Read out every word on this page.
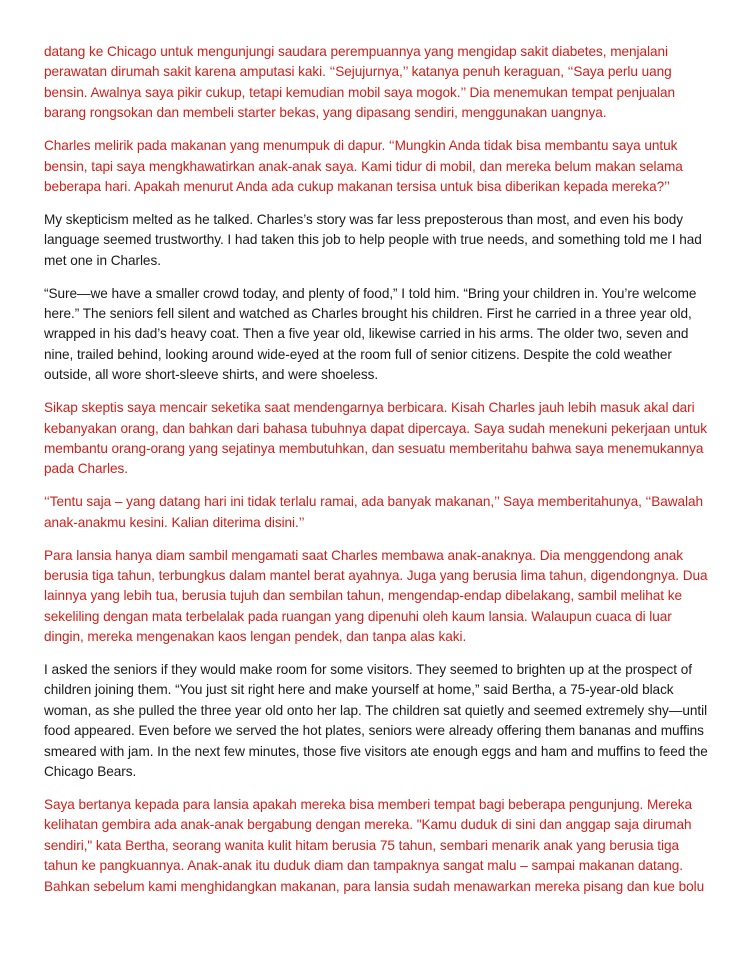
datang ke Chicago untuk mengunjungi saudara perempuannya yang mengidap sakit diabetes, menjalani perawatan dirumah sakit karena amputasi kaki. ‘‘Sejujurnya,’’ katanya penuh keraguan, ‘‘Saya perlu uang bensin. Awalnya saya pikir cukup, tetapi kemudian mobil saya mogok.’’ Dia menemukan tempat penjualan barang rongsokan dan membeli starter bekas, yang dipasang sendiri, menggunakan uangnya.

Charles melirik pada makanan yang menumpuk di dapur. ‘‘Mungkin Anda tidak bisa membantu saya untuk bensin, tapi saya mengkhawatirkan anak-anak saya. Kami tidur di mobil, dan mereka belum makan selama beberapa hari. Apakah menurut Anda ada cukup makanan tersisa untuk bisa diberikan kepada mereka?’’

My skepticism melted as he talked. Charles’s story was far less preposterous than most, and even his body language seemed trustworthy. I had taken this job to help people with true needs, and something told me I had met one in Charles.

“Sure—we have a smaller crowd today, and plenty of food,” I told him. “Bring your children in. You’re welcome here.” The seniors fell silent and watched as Charles brought his children. First he carried in a three year old, wrapped in his dad’s heavy coat. Then a five year old, likewise carried in his arms. The older two, seven and nine, trailed behind, looking around wide-eyed at the room full of senior citizens. Despite the cold weather outside, all wore short-sleeve shirts, and were shoeless.

Sikap skeptis saya mencair seketika saat mendengarnya berbicara. Kisah Charles jauh lebih masuk akal dari kebanyakan orang, dan bahkan dari bahasa tubuhnya dapat dipercaya. Saya sudah menekuni pekerjaan untuk membantu orang-orang yang sejatinya membutuhkan, dan sesuatu memberitahu bahwa saya menemukannya pada Charles.

‘‘Tentu saja – yang datang hari ini tidak terlalu ramai, ada banyak makanan,’’ Saya memberitahunya, ‘‘Bawalah anak-anakmu kesini. Kalian diterima disini.’’

Para lansia hanya diam sambil mengamati saat Charles membawa anak-anaknya. Dia menggendong anak berusia tiga tahun, terbungkus dalam mantel berat ayahnya. Juga yang berusia lima tahun, digendongnya. Dua lainnya yang lebih tua, berusia tujuh dan sembilan tahun, mengendap-endap dibelakang, sambil melihat ke sekeliling dengan mata terbelalak pada ruangan yang dipenuhi oleh kaum lansia. Walaupun cuaca di luar dingin, mereka mengenakan kaos lengan pendek, dan tanpa alas kaki.

I asked the seniors if they would make room for some visitors. They seemed to brighten up at the prospect of children joining them. “You just sit right here and make yourself at home,” said Bertha, a 75-year-old black woman, as she pulled the three year old onto her lap. The children sat quietly and seemed extremely shy—until food appeared. Even before we served the hot plates, seniors were already offering them bananas and muffins smeared with jam. In the next few minutes, those five visitors ate enough eggs and ham and muffins to feed the Chicago Bears.

Saya bertanya kepada para lansia apakah mereka bisa memberi tempat bagi beberapa pengunjung. Mereka kelihatan gembira ada anak-anak bergabung dengan mereka. "Kamu duduk di sini dan anggap saja dirumah sendiri," kata Bertha, seorang wanita kulit hitam berusia 75 tahun, sembari menarik anak yang berusia tiga tahun ke pangkuannya. Anak-anak itu duduk diam dan tampaknya sangat malu – sampai makanan datang. Bahkan sebelum kami menghidangkan makanan, para lansia sudah menawarkan mereka pisang dan kue bolu
